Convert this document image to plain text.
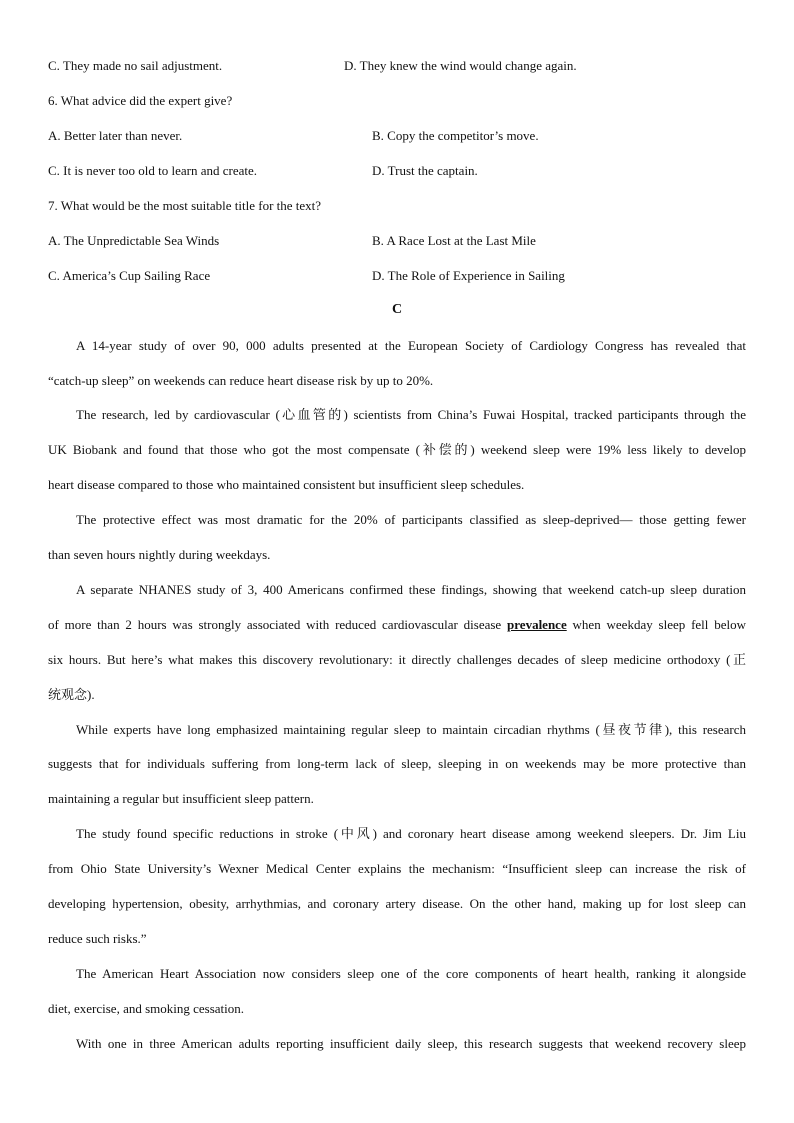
C. They made no sail adjustment.	D. They knew the wind would change again.
6. What advice did the expert give?
A. Better later than never.	B. Copy the competitor’s move.
C. It is never too old to learn and create.	D. Trust the captain.
7. What would be the most suitable title for the text?
A. The Unpredictable Sea Winds	B. A Race Lost at the Last Mile
C. America’s Cup Sailing Race	D. The Role of Experience in Sailing
C
A 14-year study of over 90, 000 adults presented at the European Society of Cardiology Congress has revealed that
“catch-up sleep” on weekends can reduce heart disease risk by up to 20%.
The research, led by cardiovascular (心血管的) scientists from China’s Fuwai Hospital, tracked participants through the
UK Biobank and found that those who got the most compensate (补偿的) weekend sleep were 19% less likely to develop
heart disease compared to those who maintained consistent but insufficient sleep schedules.
The protective effect was most dramatic for the 20% of participants classified as sleep-deprived— those getting fewer
than seven hours nightly during weekdays.
A separate NHANES study of 3, 400 Americans confirmed these findings, showing that weekend catch-up sleep duration
of more than 2 hours was strongly associated with reduced cardiovascular disease prevalence when weekday sleep fell below
six hours. But here’s what makes this discovery revolutionary: it directly challenges decades of sleep medicine orthodoxy (正
统观念).
While experts have long emphasized maintaining regular sleep to maintain circadian rhythms (昼夜节律), this research
suggests that for individuals suffering from long-term lack of sleep, sleeping in on weekends may be more protective than
maintaining a regular but insufficient sleep pattern.
The study found specific reductions in stroke (中风) and coronary heart disease among weekend sleepers. Dr. Jim Liu
from Ohio State University’s Wexner Medical Center explains the mechanism: “Insufficient sleep can increase the risk of
developing hypertension, obesity, arrhythmias, and coronary artery disease. On the other hand, making up for lost sleep can
reduce such risks.”
The American Heart Association now considers sleep one of the core components of heart health, ranking it alongside
diet, exercise, and smoking cessation.
With one in three American adults reporting insufficient daily sleep, this research suggests that weekend recovery sleep
